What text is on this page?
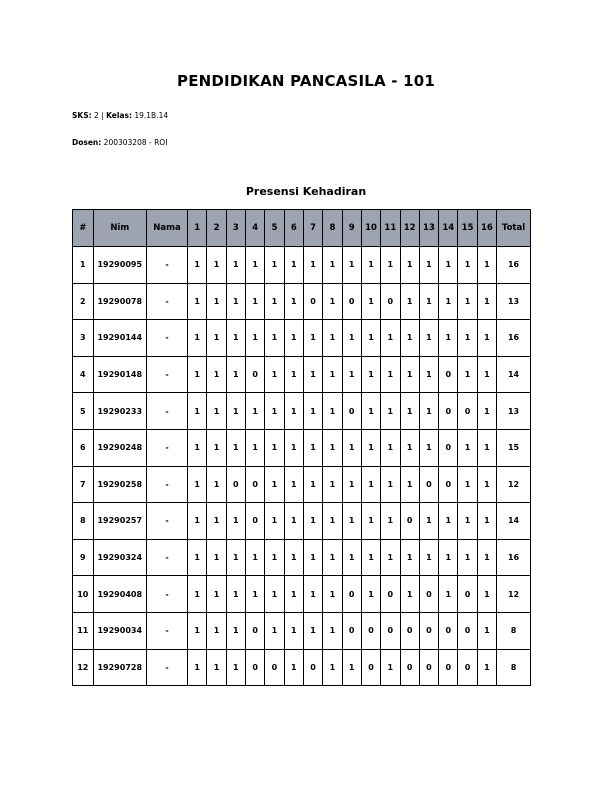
PENDIDIKAN PANCASILA - 101
SKS: 2 | Kelas: 19.1B.14
Dosen: 200303208 - ROI
Presensi Kehadiran
#	Nim	Nama	1	2	3	4	5	6	7	8	9	10	11	12	13	14	15	16	Total
1	19290095	-	1	1	1	1	1	1	1	1	1	1	1	1	1	1	1	1	16
2	19290078	-	1	1	1	1	1	1	0	1	0	1	0	1	1	1	1	1	13
3	19290144	-	1	1	1	1	1	1	1	1	1	1	1	1	1	1	1	1	16
4	19290148	-	1	1	1	0	1	1	1	1	1	1	1	1	1	0	1	1	14
5	19290233	-	1	1	1	1	1	1	1	1	0	1	1	1	1	0	0	1	13
6	19290248	-	1	1	1	1	1	1	1	1	1	1	1	1	1	0	1	1	15
7	19290258	-	1	1	0	0	1	1	1	1	1	1	1	1	0	0	1	1	12
8	19290257	-	1	1	1	0	1	1	1	1	1	1	1	0	1	1	1	1	14
9	19290324	-	1	1	1	1	1	1	1	1	1	1	1	1	1	1	1	1	16
10	19290408	-	1	1	1	1	1	1	1	1	0	1	0	1	0	1	0	1	12
11	19290034	-	1	1	1	0	1	1	1	1	0	0	0	0	0	0	0	1	8
12	19290728	-	1	1	1	0	0	1	0	1	1	0	1	0	0	0	0	1	8
